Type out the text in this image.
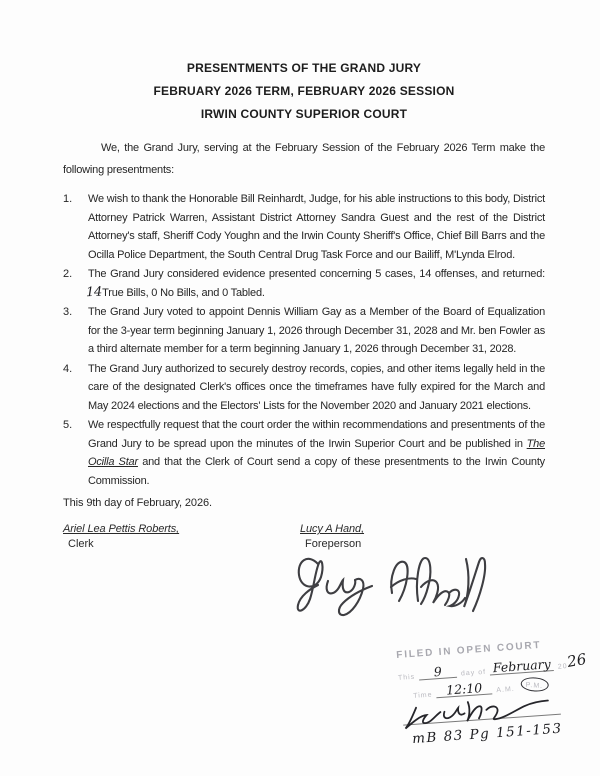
PRESENTMENTS OF THE GRAND JURY
FEBRUARY 2026 TERM, FEBRUARY 2026 SESSION
IRWIN COUNTY SUPERIOR COURT

We, the Grand Jury, serving at the February Session of the February 2026 Term make the following presentments:

1. We wish to thank the Honorable Bill Reinhardt, Judge, for his able instructions to this body, District Attorney Patrick Warren, Assistant District Attorney Sandra Guest and the rest of the District Attorney's staff, Sheriff Cody Youghn and the Irwin County Sheriff's Office, Chief Bill Barrs and the Ocilla Police Department, the South Central Drug Task Force and our Bailiff, M'Lynda Elrod.
2. The Grand Jury considered evidence presented concerning 5 cases, 14 offenses, and returned:14True Bills, 0 No Bills, and 0 Tabled.
3. The Grand Jury voted to appoint Dennis William Gay as a Member of the Board of Equalization for the 3-year term beginning January 1, 2026 through December 31, 2028 and Mr. ben Fowler as a third alternate member for a term beginning January 1, 2026 through December 31, 2028.
4. The Grand Jury authorized to securely destroy records, copies, and other items legally held in the care of the designated Clerk's offices once the timeframes have fully expired for the March and May 2024 elections and the Electors' Lists for the November 2020 and January 2021 elections.
5. We respectfully request that the court order the within recommendations and presentments of the Grand Jury to be spread upon the minutes of the Irwin Superior Court and be published in The Ocilla Star and that the Clerk of Court send a copy of these presentments to the Irwin County Commission.

This 9th day of February, 2026.

Ariel Lea Pettis Roberts,
Clerk
Lucy A Hand,
Foreperson
FILED IN OPEN COURT
This	9	day of February 20
26
Time	12:10	A.M.	P.M.
mB 83 Pg 151-153
